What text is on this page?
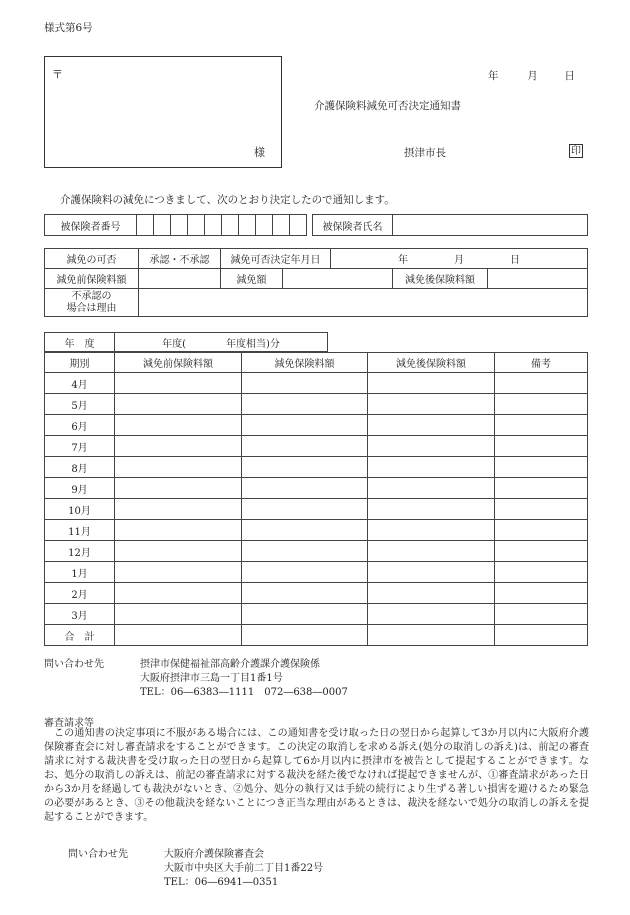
様式第6号
〒
様
年	月	日
介護保険料減免可否決定通知書
摂津市長	印
介護保険料の減免につきまして、次のとおり決定したので通知します。
被保険者番号												被保険者氏名	
減免の可否	承認・不承認	減免可否決定年月日		年 月 日		
減免前保険料額		減免額			減免後保険料額	

不承認の
場合は理由						

年　度	年度(　　　　年度相当)分
期別	減免前保険料額	減免保険料額	減免後保険料額	備考
4月				
5月				
6月				
7月				
8月				
9月				
10月				
11月				
12月				
1月				
2月				
3月				
合　計				
問い合わせ先	摂津市保健福祉部高齢介護課介護保険係
大阪府摂津市三島一丁目1番1号
TEL：06―6383―1111　072―638―0007
審査請求等
この通知書の決定事項に不服がある場合には、この通知書を受け取った日の翌日から起算して3か月以内に大阪府介護保険審査会に対し審査請求をすることができます。この決定の取消しを求める訴え(処分の取消しの訴え)は、前記の審査請求に対する裁決書を受け取った日の翌日から起算して6か月以内に摂津市を被告として提起することができます。なお、処分の取消しの訴えは、前記の審査請求に対する裁決を経た後でなければ提起できませんが、①審査請求があった日から3か月を経過しても裁決がないとき、②処分、処分の執行又は手続の続行により生ずる著しい損害を避けるため緊急の必要があるとき、③その他裁決を経ないことにつき正当な理由があるときは、裁決を経ないで処分の取消しの訴えを提起することができます。
問い合わせ先	大阪府介護保険審査会
大阪市中央区大手前二丁目1番22号
TEL：06―6941―0351
